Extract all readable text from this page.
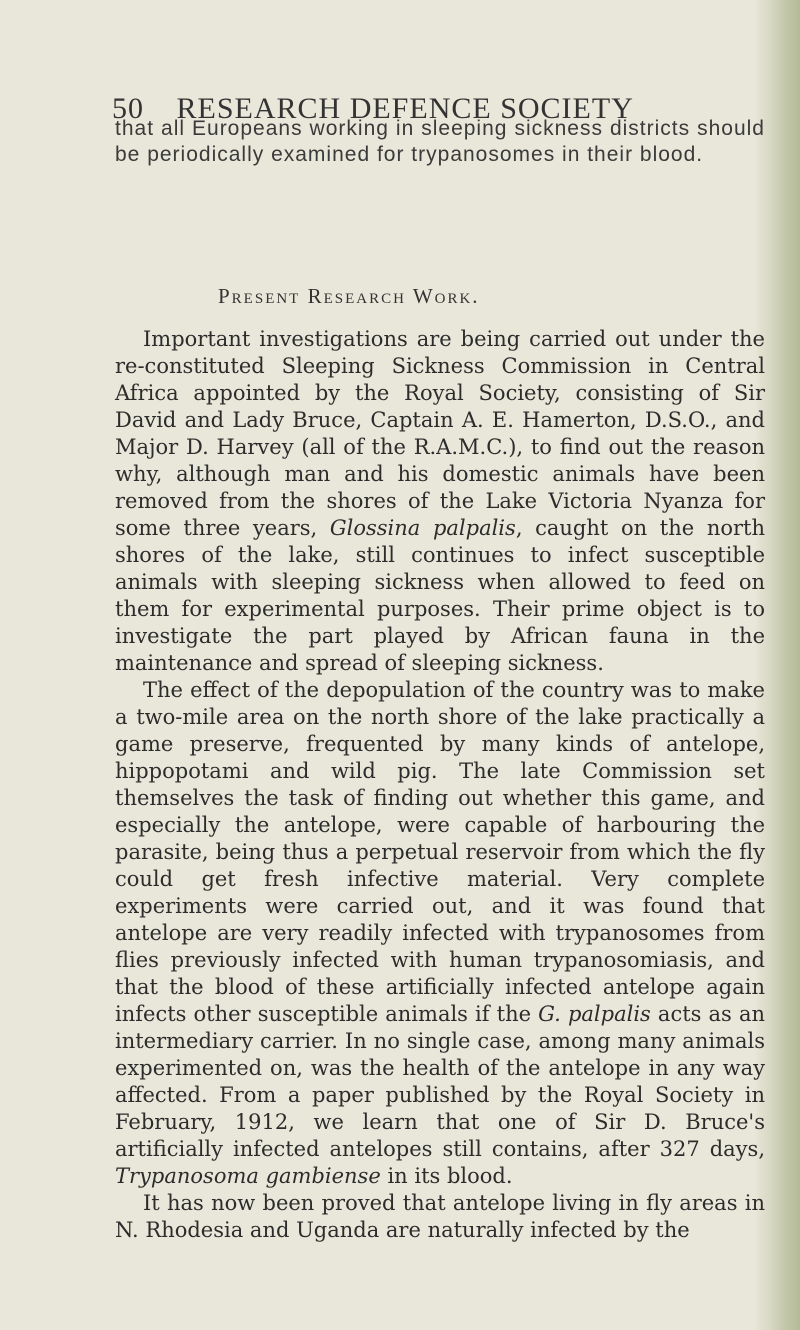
50 RESEARCH DEFENCE SOCIETY

that all Europeans working in sleeping sickness districts should be periodically examined for trypanosomes in their blood.

Present Research Work.

Important investigations are being carried out under the re-constituted Sleeping Sickness Commission in Central Africa appointed by the Royal Society, consisting of Sir David and Lady Bruce, Captain A. E. Hamerton, D.S.O., and Major D. Harvey (all of the R.A.M.C.), to find out the reason why, although man and his domestic animals have been removed from the shores of the Lake Victoria Nyanza for some three years, Glossina palpalis, caught on the north shores of the lake, still continues to infect susceptible animals with sleeping sickness when allowed to feed on them for experimental purposes. Their prime object is to investigate the part played by African fauna in the maintenance and spread of sleeping sickness.

The effect of the depopulation of the country was to make a two-mile area on the north shore of the lake practically a game preserve, frequented by many kinds of antelope, hippopotami and wild pig. The late Commission set themselves the task of finding out whether this game, and especially the antelope, were capable of harbouring the parasite, being thus a perpetual reservoir from which the fly could get fresh infective material. Very complete experiments were carried out, and it was found that antelope are very readily infected with trypanosomes from flies previously infected with human trypanosomiasis, and that the blood of these artificially infected antelope again infects other susceptible animals if the G. palpalis acts as an intermediary carrier. In no single case, among many animals experimented on, was the health of the antelope in any way affected. From a paper published by the Royal Society in February, 1912, we learn that one of Sir D. Bruce's artificially infected antelopes still contains, after 327 days, Trypanosoma gambiense in its blood.

It has now been proved that antelope living in fly areas in N. Rhodesia and Uganda are naturally infected by the
